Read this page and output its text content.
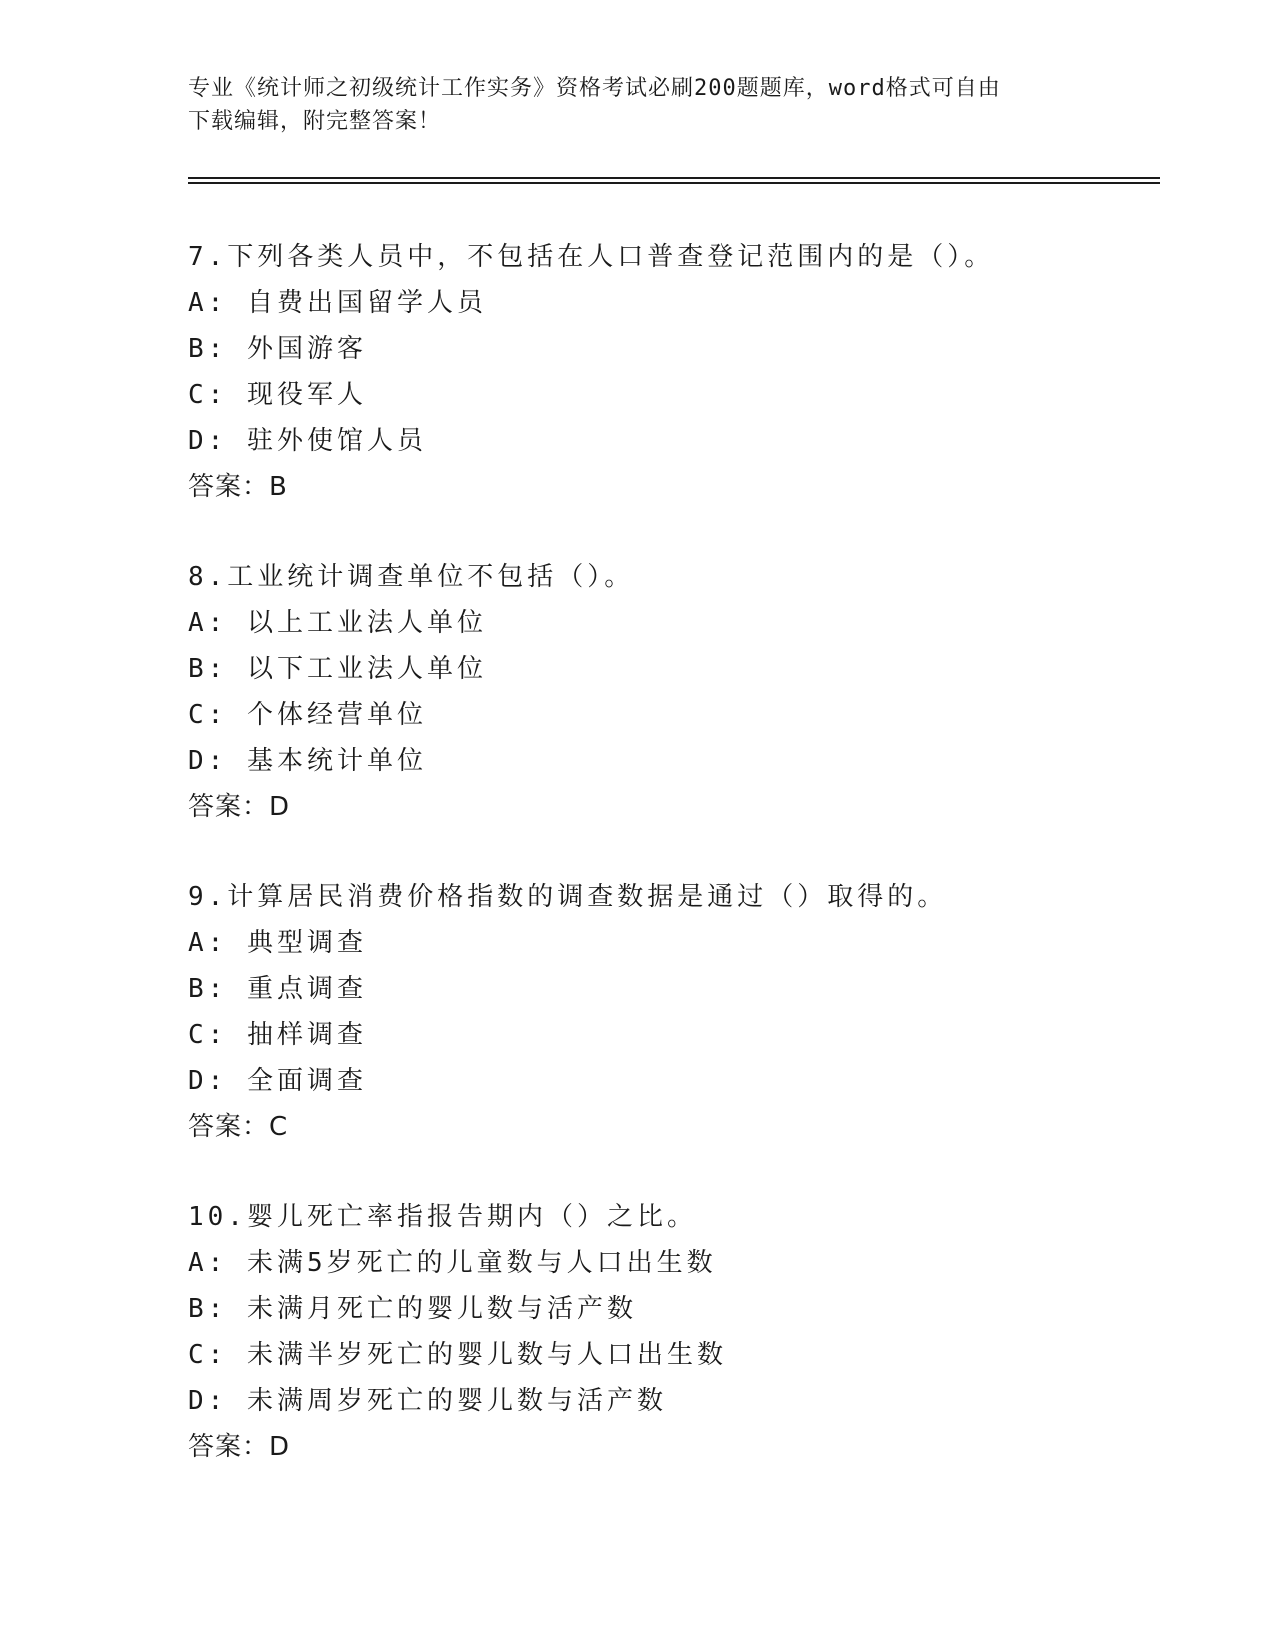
专业《统计师之初级统计工作实务》资格考试必刷200题题库，word格式可自由
下载编辑，附完整答案！
7.下列各类人员中，不包括在人口普查登记范围内的是（）。
A: 自费出国留学人员
B: 外国游客
C: 现役军人
D: 驻外使馆人员
答案：B
8.工业统计调查单位不包括（）。
A: 以上工业法人单位
B: 以下工业法人单位
C: 个体经营单位
D: 基本统计单位
答案：D
9.计算居民消费价格指数的调查数据是通过（）取得的。
A: 典型调查
B: 重点调查
C: 抽样调查
D: 全面调查
答案：C
10.婴儿死亡率指报告期内（）之比。
A: 未满5岁死亡的儿童数与人口出生数
B: 未满月死亡的婴儿数与活产数
C: 未满半岁死亡的婴儿数与人口出生数
D: 未满周岁死亡的婴儿数与活产数
答案：D
